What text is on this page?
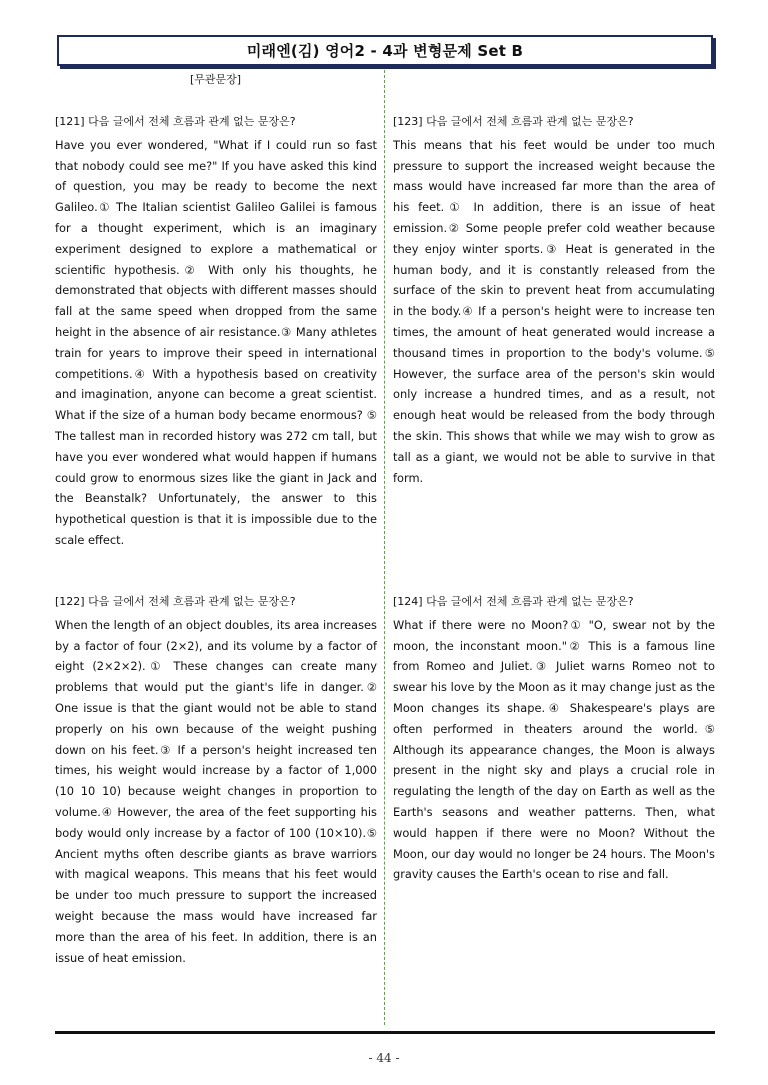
미래엔(김) 영어2 - 4과 변형문제 Set B
[무관문장]
[121] 다음 글에서 전체 흐름과 관계 없는 문장은?
Have you ever wondered, "What if I could run so fast that nobody could see me?" If you have asked this kind of question, you may be ready to become the next Galileo.① The Italian scientist Galileo Galilei is famous for a thought experiment, which is an imaginary experiment designed to explore a mathematical or scientific hypothesis.② With only his thoughts, he demonstrated that objects with different masses should fall at the same speed when dropped from the same height in the absence of air resistance.③ Many athletes train for years to improve their speed in international competitions.④ With a hypothesis based on creativity and imagination, anyone can become a great scientist. What if the size of a human body became enormous? ⑤ The tallest man in recorded history was 272 cm tall, but have you ever wondered what would happen if humans could grow to enormous sizes like the giant in Jack and the Beanstalk? Unfortunately, the answer to this hypothetical question is that it is impossible due to the scale effect.
[123] 다음 글에서 전체 흐름과 관계 없는 문장은?
This means that his feet would be under too much pressure to support the increased weight because the mass would have increased far more than the area of his feet.① In addition, there is an issue of heat emission.② Some people prefer cold weather because they enjoy winter sports.③ Heat is generated in the human body, and it is constantly released from the surface of the skin to prevent heat from accumulating in the body.④ If a person's height were to increase ten times, the amount of heat generated would increase a thousand times in proportion to the body's volume.⑤ However, the surface area of the person's skin would only increase a hundred times, and as a result, not enough heat would be released from the body through the skin. This shows that while we may wish to grow as tall as a giant, we would not be able to survive in that form.
[122] 다음 글에서 전체 흐름과 관계 없는 문장은?
When the length of an object doubles, its area increases by a factor of four (2×2), and its volume by a factor of eight (2×2×2).① These changes can create many problems that would put the giant's life in danger.② One issue is that the giant would not be able to stand properly on his own because of the weight pushing down on his feet.③ If a person's height increased ten times, his weight would increase by a factor of 1,000 (10 10 10) because weight changes in proportion to volume.④ However, the area of the feet supporting his body would only increase by a factor of 100 (10×10).⑤ Ancient myths often describe giants as brave warriors with magical weapons. This means that his feet would be under too much pressure to support the increased weight because the mass would have increased far more than the area of his feet. In addition, there is an issue of heat emission.
[124] 다음 글에서 전체 흐름과 관계 없는 문장은?
What if there were no Moon?① "O, swear not by the moon, the inconstant moon."② This is a famous line from Romeo and Juliet.③ Juliet warns Romeo not to swear his love by the Moon as it may change just as the Moon changes its shape.④ Shakespeare's plays are often performed in theaters around the world.⑤ Although its appearance changes, the Moon is always present in the night sky and plays a crucial role in regulating the length of the day on Earth as well as the Earth's seasons and weather patterns. Then, what would happen if there were no Moon? Without the Moon, our day would no longer be 24 hours. The Moon's gravity causes the Earth's ocean to rise and fall.
- 44 -
